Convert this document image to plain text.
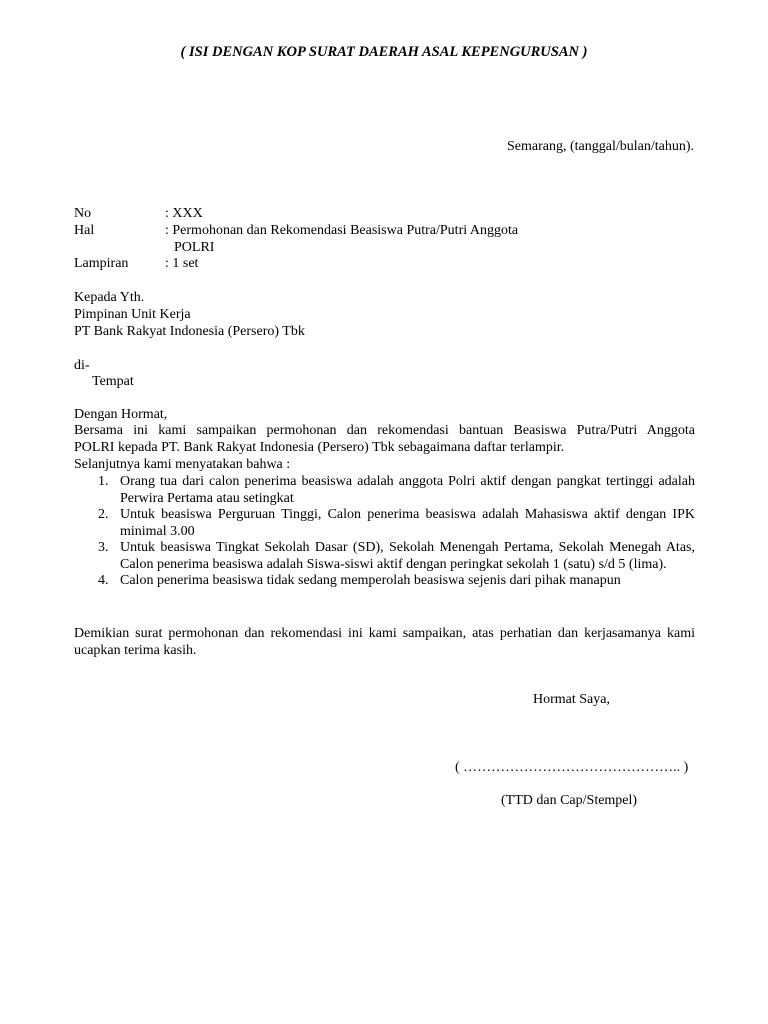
( ISI DENGAN KOP SURAT DAERAH ASAL KEPENGURUSAN )
Semarang, (tanggal/bulan/tahun).
No	: XXX
Hal	: Permohonan dan Rekomendasi Beasiswa Putra/Putri Anggota
POLRI
Lampiran	: 1 set
Kepada Yth.
Pimpinan Unit Kerja
PT Bank Rakyat Indonesia (Persero) Tbk
di-
Tempat
Dengan Hormat,
Bersama ini kami sampaikan permohonan dan rekomendasi bantuan Beasiswa Putra/Putri Anggota
POLRI kepada PT. Bank Rakyat Indonesia (Persero) Tbk sebagaimana daftar terlampir.
Selanjutnya kami menyatakan bahwa :
1. Orang tua dari calon penerima beasiswa adalah anggota Polri aktif dengan pangkat tertinggi adalah Perwira Pertama atau setingkat
2. Untuk beasiswa Perguruan Tinggi, Calon penerima beasiswa adalah Mahasiswa aktif dengan IPK minimal 3.00
3. Untuk beasiswa Tingkat Sekolah Dasar (SD), Sekolah Menengah Pertama, Sekolah Menegah Atas, Calon penerima beasiswa adalah Siswa-siswi aktif dengan peringkat sekolah 1 (satu) s/d 5 (lima).
4. Calon penerima beasiswa tidak sedang memperolah beasiswa sejenis dari pihak manapun
Demikian surat permohonan dan rekomendasi ini kami sampaikan, atas perhatian dan kerjasamanya kami ucapkan terima kasih.
Hormat Saya,
( ……………………………………….. )
(TTD dan Cap/Stempel)
